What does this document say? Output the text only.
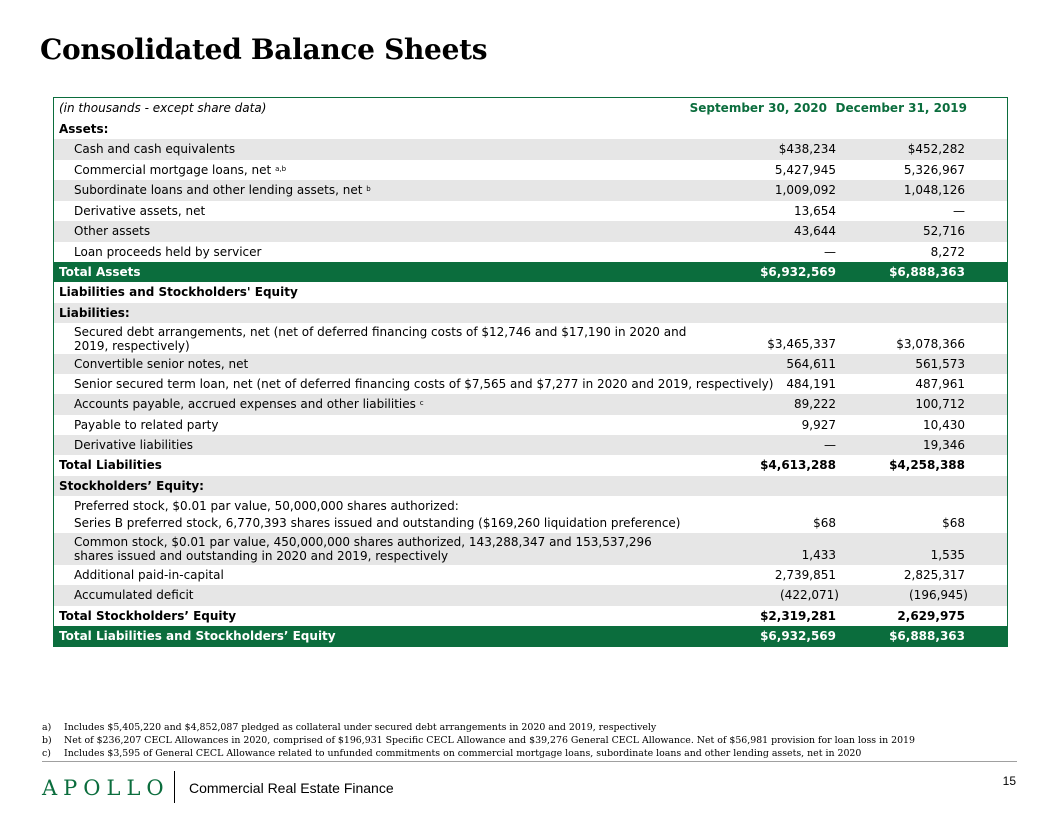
Consolidated Balance Sheets
(in thousands - except share data)	September 30, 2020 December 31, 2019
Assets:
Cash and cash equivalents	$438,234	$452,282
Commercial mortgage loans, net $^{a,b}$	5,427,945	5,326,967
Subordinate loans and other lending assets, net $^b$	1,009,092	1,048,126
Derivative assets, net	13,654	—
Other assets	43,644	52,716
Loan proceeds held by servicer	—	8,272
Total Assets	$6,932,569	$6,888,363
Liabilities and Stockholders' Equity
Liabilities:
Secured debt arrangements, net (net of deferred financing costs of $12,746 and $17,190 in 2020 and 2019, respectively)	$3,465,337	$3,078,366
Convertible senior notes, net	564,611	561,573
Senior secured term loan, net (net of deferred financing costs of $7,565 and $7,277 in 2020 and 2019, respectively) 484,191	487,961
Accounts payable, accrued expenses and other liabilities $^c$	89,222	100,712
Payable to related party	9,927	10,430
Derivative liabilities	—	19,346
Total Liabilities	$4,613,288	$4,258,388
Stockholders’ Equity:
Preferred stock, $0.01 par value, 50,000,000 shares authorized:
Series B preferred stock, 6,770,393 shares issued and outstanding ($169,260 liquidation preference)	$68	$68
Common stock, $0.01 par value, 450,000,000 shares authorized, 143,288,347 and 153,537,296 shares issued and outstanding in 2020 and 2019, respectively	1,433	1,535
Additional paid-in-capital	2,739,851	2,825,317
Accumulated deficit	(422,071)	(196,945)
Total Stockholders’ Equity	$2,319,281	2,629,975
Total Liabilities and Stockholders’ Equity	$6,932,569	$6,888,363
a) Includes $5,405,220 and $4,852,087 pledged as collateral under secured debt arrangements in 2020 and 2019, respectively
b) Net of $236,207 CECL Allowances in 2020, comprised of $196,931 Specific CECL Allowance and $39,276 General CECL Allowance. Net of $56,981 provision for loan loss in 2019
c) Includes $3,595 of General CECL Allowance related to unfunded commitments on commercial mortgage loans, subordinate loans and other lending assets, net in 2020
APOLLO Commercial Real Estate Finance	15
